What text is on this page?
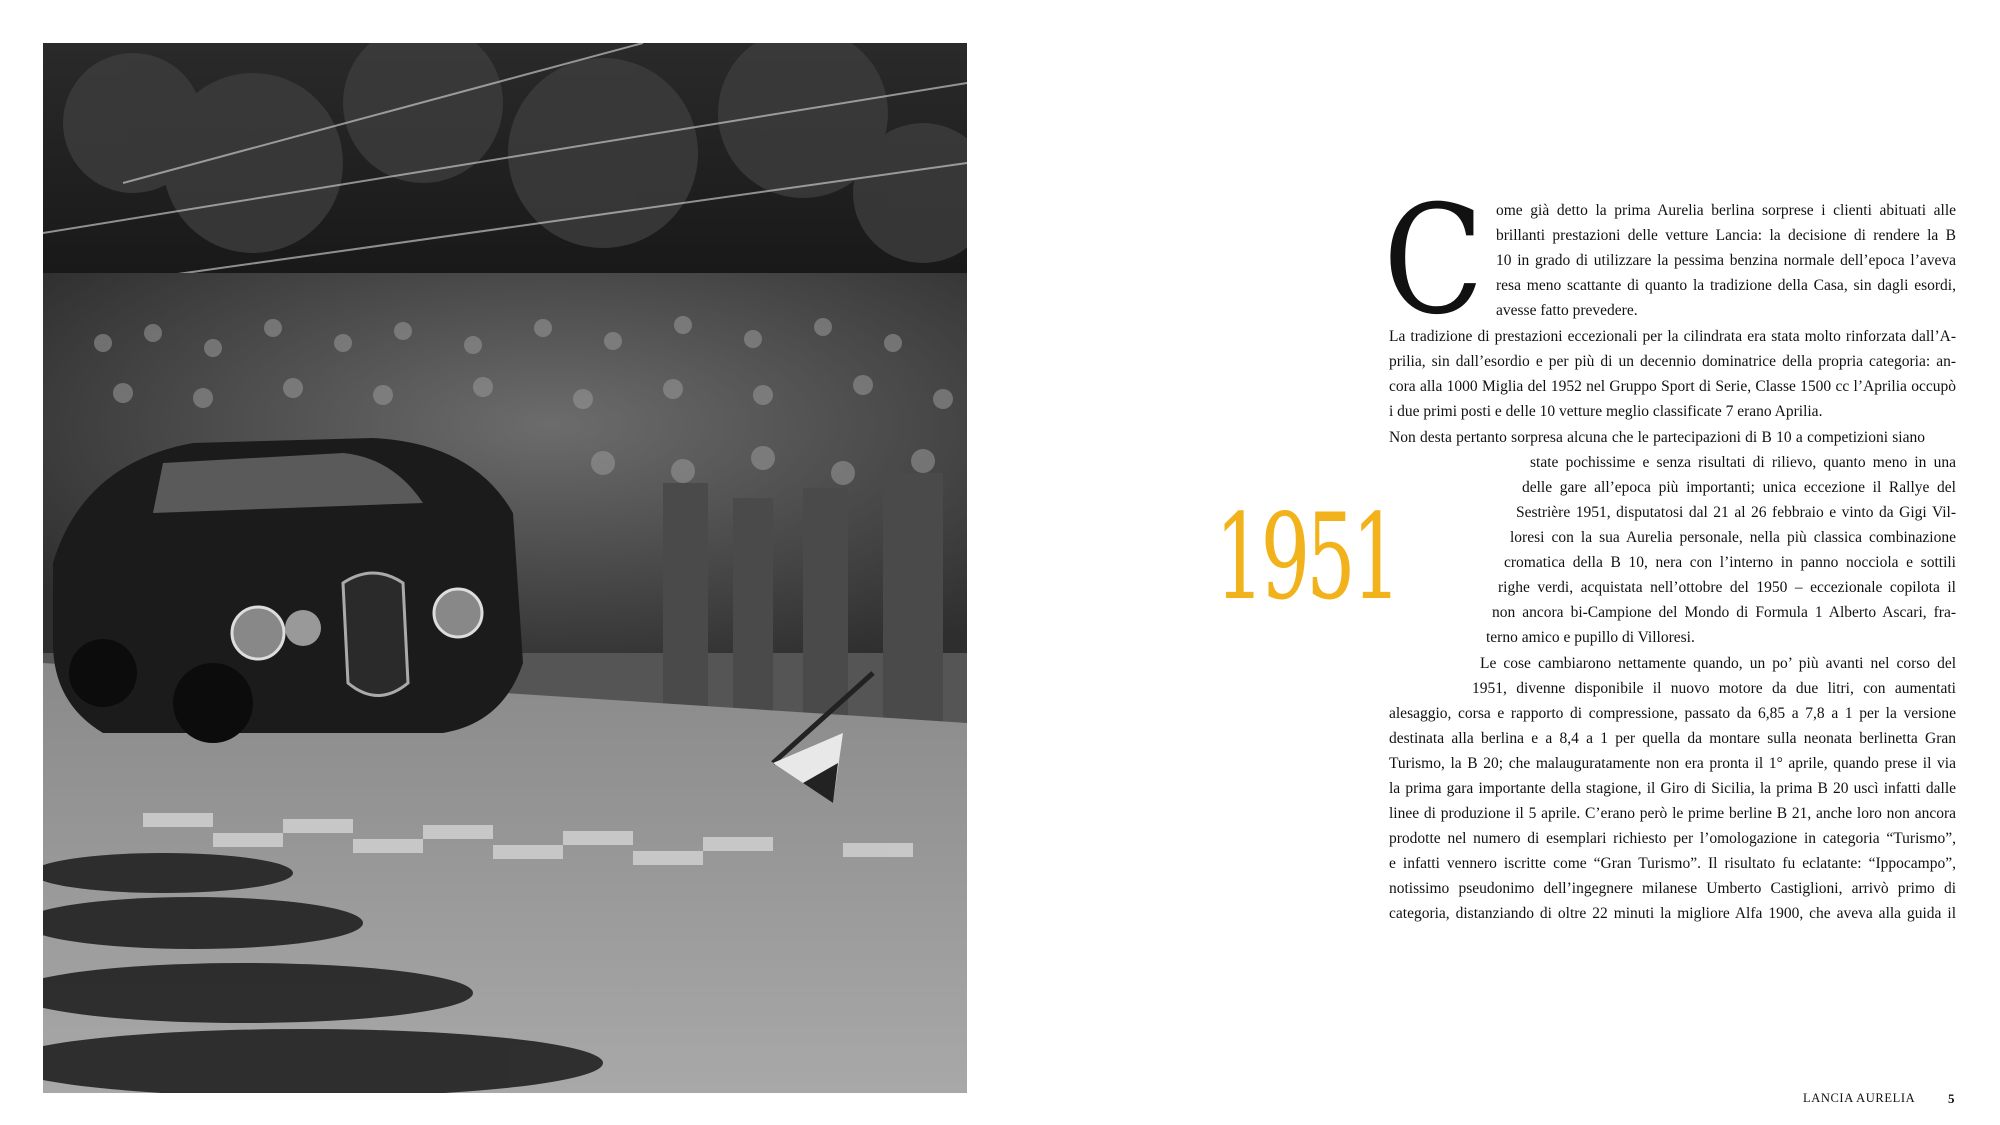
1951
C ome già detto la prima Aurelia berlina sorprese i clienti abituati alle
brillanti prestazioni delle vetture Lancia: la decisione di rendere la B
10 in grado di utilizzare la pessima benzina normale dell’epoca l’aveva
resa meno scattante di quanto la tradizione della Casa, sin dagli esordi,
avesse fatto prevedere.
La tradizione di prestazioni eccezionali per la cilindrata era stata molto rinforzata dall’A-
prilia, sin dall’esordio e per più di un decennio dominatrice della propria categoria: an-
cora alla 1000 Miglia del 1952 nel Gruppo Sport di Serie, Classe 1500 cc l’Aprilia occupò
i due primi posti e delle 10 vetture meglio classificate 7 erano Aprilia.
Non desta pertanto sorpresa alcuna che le partecipazioni di B 10 a competizioni siano
state pochissime e senza risultati di rilievo, quanto meno in una
delle gare all’epoca più importanti; unica eccezione il Rallye del
Sestrière 1951, disputatosi dal 21 al 26 febbraio e vinto da Gigi Vil-
loresi con la sua Aurelia personale, nella più classica combinazione
cromatica della B 10, nera con l’interno in panno nocciola e sottili
righe verdi, acquistata nell’ottobre del 1950 – eccezionale copilota il
non ancora bi-Campione del Mondo di Formula 1 Alberto Ascari, fra-
terno amico e pupillo di Villoresi.
Le cose cambiarono nettamente quando, un po’ più avanti nel corso del
1951, divenne disponibile il nuovo motore da due litri, con aumentati
alesaggio, corsa e rapporto di compressione, passato da 6,85 a 7,8 a 1 per la versione
destinata alla berlina e a 8,4 a 1 per quella da montare sulla neonata berlinetta Gran
Turismo, la B 20; che malauguratamente non era pronta il 1° aprile, quando prese il via
la prima gara importante della stagione, il Giro di Sicilia, la prima B 20 uscì infatti dalle
linee di produzione il 5 aprile. C’erano però le prime berline B 21, anche loro non ancora
prodotte nel numero di esemplari richiesto per l’omologazione in categoria “Turismo”,
e infatti vennero iscritte come “Gran Turismo”. Il risultato fu eclatante: “Ippocampo”,
notissimo pseudonimo dell’ingegnere milanese Umberto Castiglioni, arrivò primo di
categoria, distanziando di oltre 22 minuti la migliore Alfa 1900, che aveva alla guida il
LANCIA AURELIA	5
